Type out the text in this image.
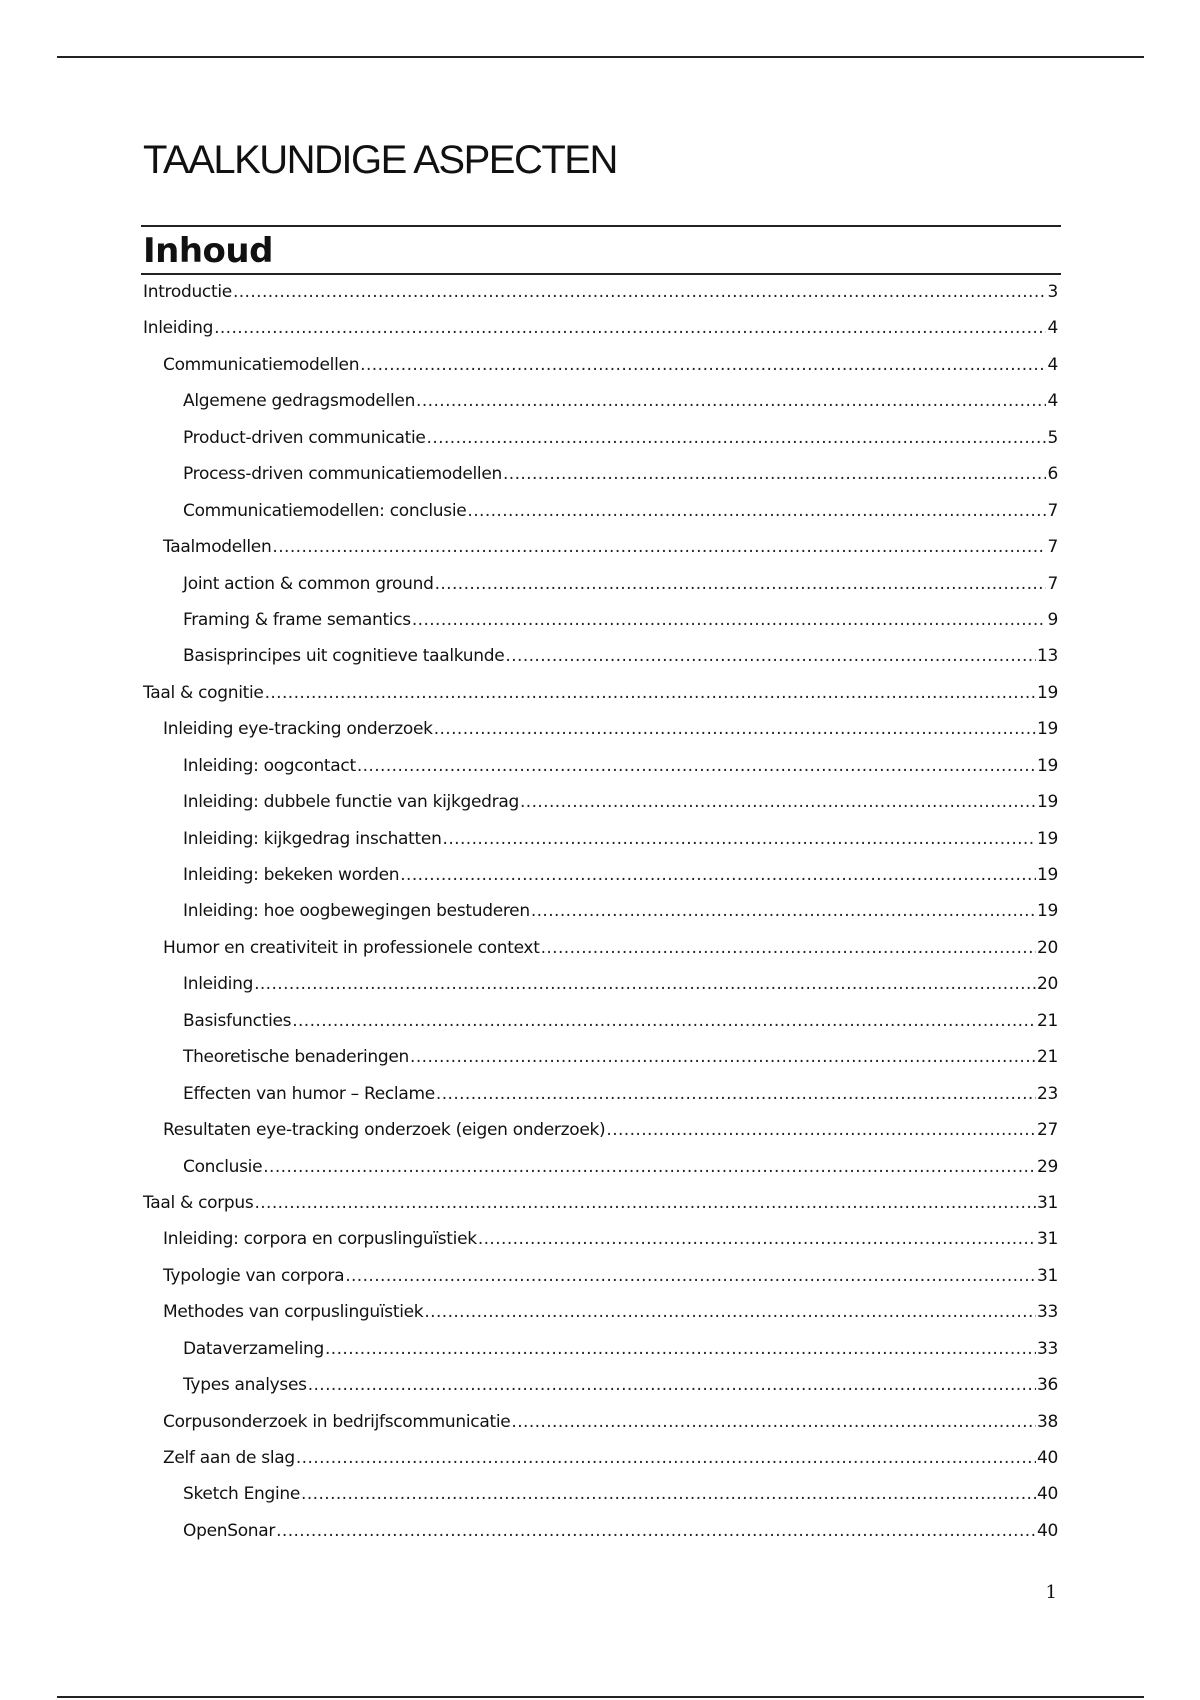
TAALKUNDIGE ASPECTEN
Inhoud
Introductie .....	3
Inleiding .....	4
Communicatiemodellen .....	4
Algemene gedragsmodellen .....	4
Product-driven communicatie .....	5
Process-driven communicatiemodellen .....	6
Communicatiemodellen: conclusie .....	7
Taalmodellen .....	7
Joint action & common ground .....	7
Framing & frame semantics .....	9
Basisprincipes uit cognitieve taalkunde .....	13
Taal & cognitie .....	19
Inleiding eye-tracking onderzoek .....	19
Inleiding: oogcontact .....	19
Inleiding: dubbele functie van kijkgedrag .....	19
Inleiding: kijkgedrag inschatten .....	19
Inleiding: bekeken worden .....	19
Inleiding: hoe oogbewegingen bestuderen .....	19
Humor en creativiteit in professionele context .....	20
Inleiding .....	20
Basisfuncties .....	21
Theoretische benaderingen .....	21
Effecten van humor – Reclame .....	23
Resultaten eye-tracking onderzoek (eigen onderzoek) .....	27
Conclusie .....	29
Taal & corpus .....	31
Inleiding: corpora en corpuslinguïstiek .....	31
Typologie van corpora .....	31
Methodes van corpuslinguïstiek .....	33
Dataverzameling .....	33
Types analyses .....	36
Corpusonderzoek in bedrijfscommunicatie .....	38
Zelf aan de slag .....	40
Sketch Engine .....	40
OpenSonar .....	40
1
